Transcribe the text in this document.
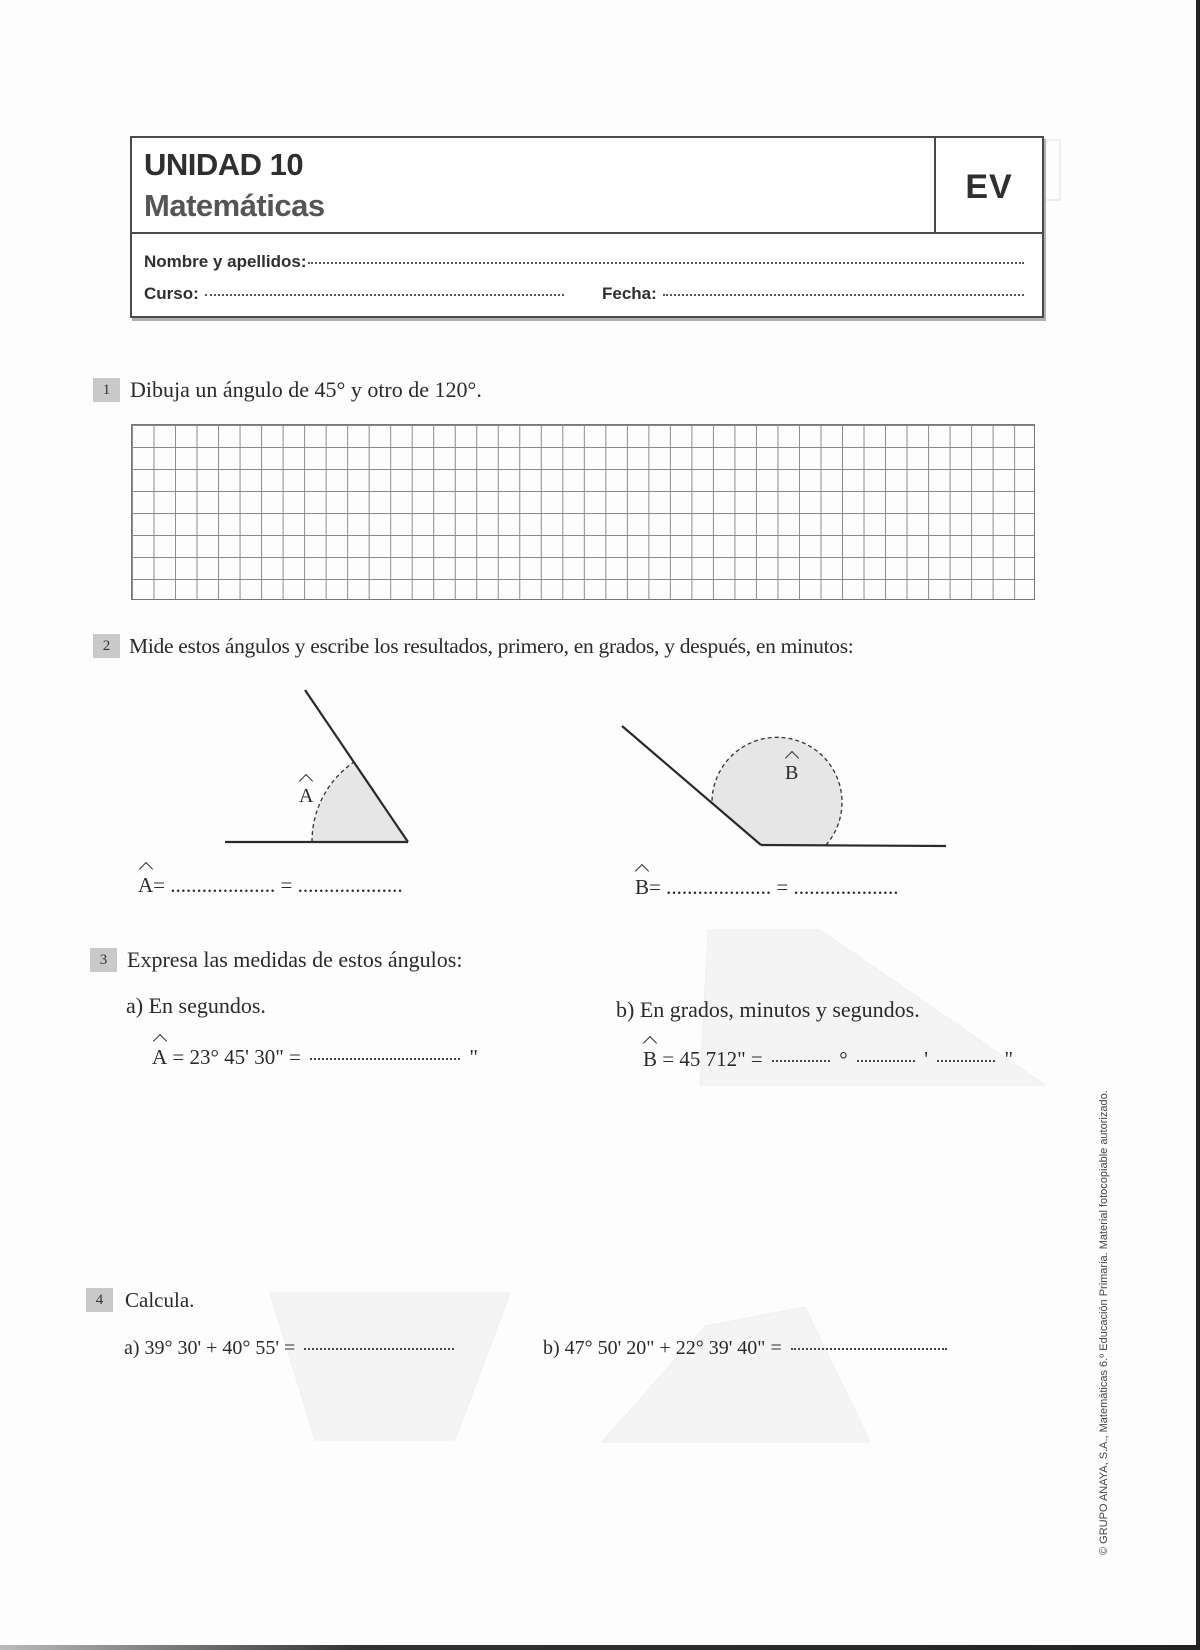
UNIDAD 10
Matemáticas	EV
Nombre y apellidos:
Curso:	Fecha:
1 Dibuja un ángulo de 45° y otro de 120°.
2 Mide estos ángulos y escribe los resultados, primero, en grados, y después, en minutos:
A
B
A= .................... = ....................	B= .................... = ....................
3 Expresa las medidas de estos ángulos:
a) En segundos.	b) En grados, minutos y segundos.
A = 23° 45' 30" =	"	B = 45 712" =	°	'	"
4	Calcula.
a) 39° 30' + 40° 55' =	b) 47° 50' 20" + 22° 39' 40" =	© GRUPO ANAYA, S.A., Matemáticas 6.º Educación Primaria. Material fotocopiable autorizado.
